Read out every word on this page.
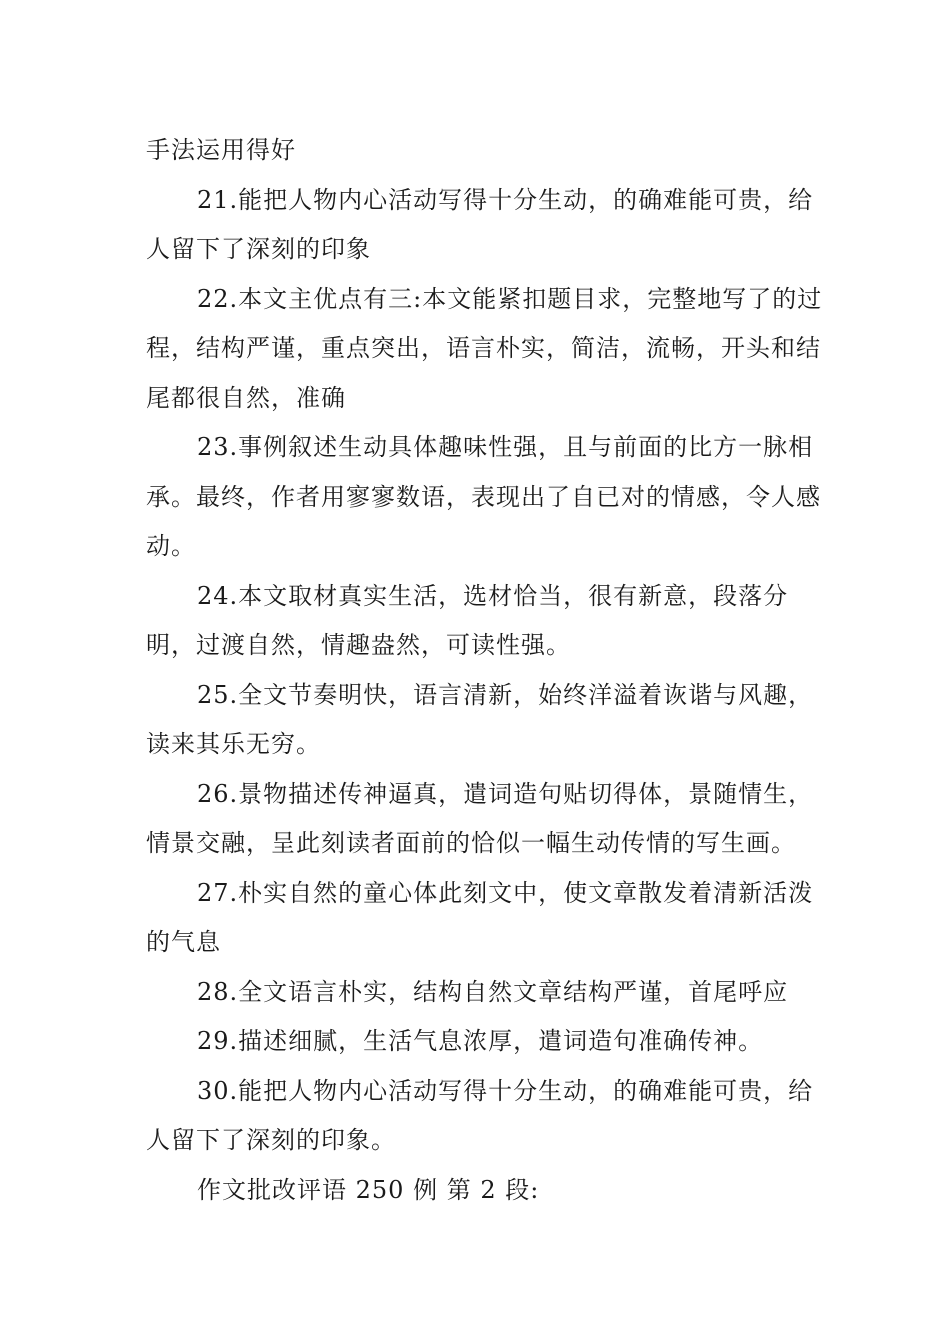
手法运用得好

21.能把人物内心活动写得十分生动，的确难能可贵，给人留下了深刻的印象

22.本文主优点有三:本文能紧扣题目求，完整地写了的过程，结构严谨，重点突出，语言朴实，简洁，流畅，开头和结尾都很自然，准确

23.事例叙述生动具体趣味性强，且与前面的比方一脉相承。最终，作者用寥寥数语，表现出了自已对的情感，令人感动。

24.本文取材真实生活，选材恰当，很有新意，段落分明，过渡自然，情趣盎然，可读性强。

25.全文节奏明快，语言清新，始终洋溢着诙谐与风趣，读来其乐无穷。

26.景物描述传神逼真，遣词造句贴切得体，景随情生，情景交融，呈此刻读者面前的恰似一幅生动传情的写生画。

27.朴实自然的童心体此刻文中，使文章散发着清新活泼的气息

28.全文语言朴实，结构自然文章结构严谨，首尾呼应

29.描述细腻，生活气息浓厚，遣词造句准确传神。

30.能把人物内心活动写得十分生动，的确难能可贵，给人留下了深刻的印象。

作文批改评语 250 例 第 2 段:
